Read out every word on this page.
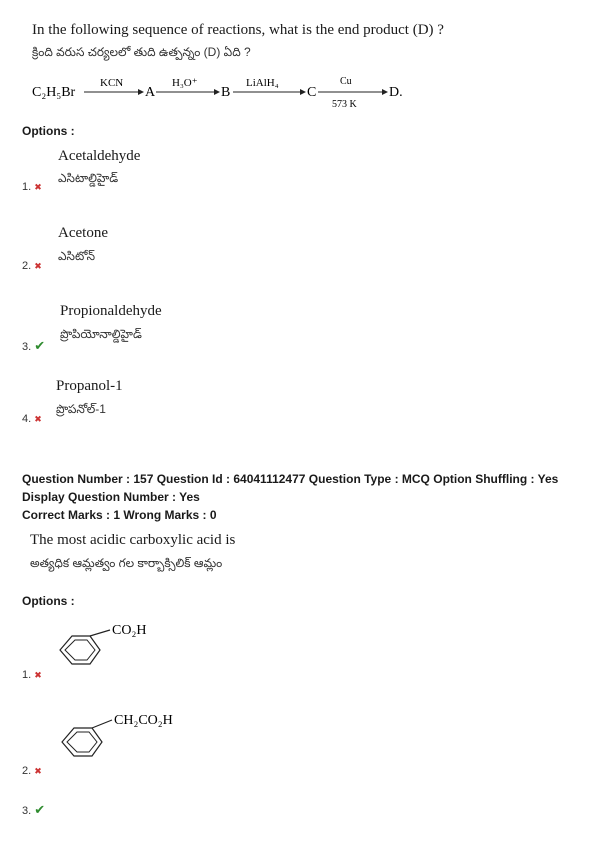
In the following sequence of reactions, what is the end product (D) ?
క్రింది వరుస చర్యలలో తుది ఉత్పన్నం (D) ఏది ?
C₂H₅Br
KCN
A
H₃O⁺
B
LiAlH₄
C
Cu
573 K
D.
Options :
Acetaldehyde
ఎసిటాల్డిహైడ్
1. ✖
Acetone
ఎసిటోన్
2. ✖
Propionaldehyde
ప్రొపియోనాల్డిహైడ్
3. ✔
Propanol-1
ప్రొపనోల్-1
4. ✖
Question Number : 157 Question Id : 64041112477 Question Type : MCQ Option Shuffling : Yes
Display Question Number : Yes
Correct Marks : 1 Wrong Marks : 0
The most acidic carboxylic acid is
అత్యధిక ఆమ్లత్వం గల కార్బాక్సిలిక్ ఆమ్లం
Options :
CO₂H
1. ✖
CH₂CO₂H
2. ✖
3. ✔
